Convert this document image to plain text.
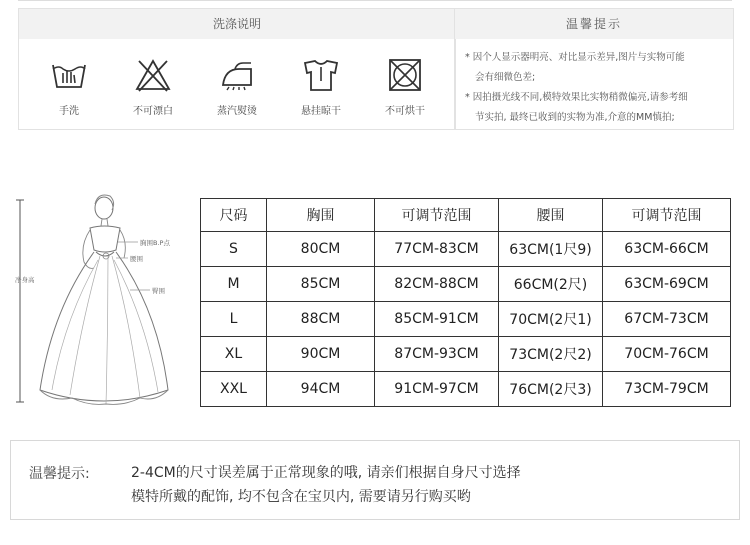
洗涤说明
手洗	不可漂白	蒸汽熨烫	悬挂晾干	不可烘干
温馨提示

* 因个人显示器明亮、对比显示差异,图片与实物可能

会有细微色差;

* 因拍摄光线不同,模特效果比实物稍微偏亮,请参考细

节实拍, 最终已收到的实物为准,介意的MM慎拍;

胸围B.P点
腰围
臀围
净身高
尺码	胸围	可调节范围	腰围	可调节范围
S	80CM	77CM-83CM	63CM(1尺9)	63CM-66CM
M	85CM	82CM-88CM	66CM(2尺)	63CM-69CM
L	88CM	85CM-91CM	70CM(2尺1)	67CM-73CM
XL	90CM	87CM-93CM	73CM(2尺2)	70CM-76CM
XXL	94CM	91CM-97CM	76CM(2尺3)	73CM-79CM
温馨提示:	2-4CM的尺寸误差属于正常现象的哦, 请亲们根据自身尺寸选择
模特所戴的配饰, 均不包含在宝贝内, 需要请另行购买哟
